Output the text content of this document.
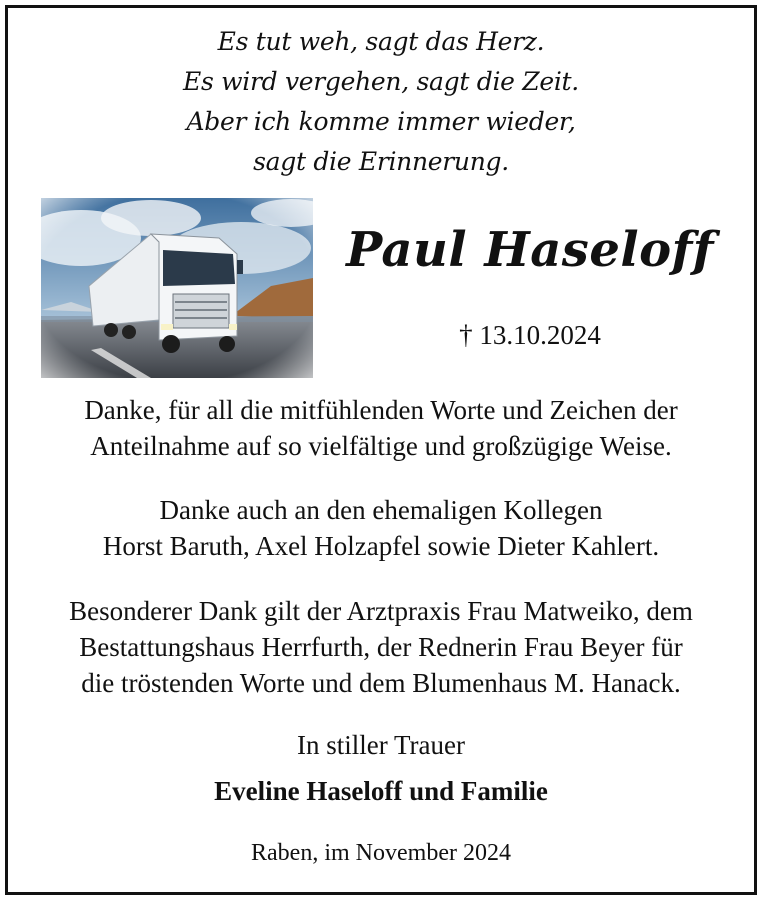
Es tut weh, sagt das Herz.
Es wird vergehen, sagt die Zeit.
Aber ich komme immer wieder,
sagt die Erinnerung.
Paul Haseloff
† 13.10.2024
Danke, für all die mitfühlenden Worte und Zeichen der
Anteilnahme auf so vielfältige und großzügige Weise.
Danke auch an den ehemaligen Kollegen
Horst Baruth, Axel Holzapfel sowie Dieter Kahlert.
Besonderer Dank gilt der Arztpraxis Frau Matweiko, dem
Bestattungshaus Herrfurth, der Rednerin Frau Beyer für
die tröstenden Worte und dem Blumenhaus M. Hanack.
In stiller Trauer
Eveline Haseloff und Familie
Raben, im November 2024
